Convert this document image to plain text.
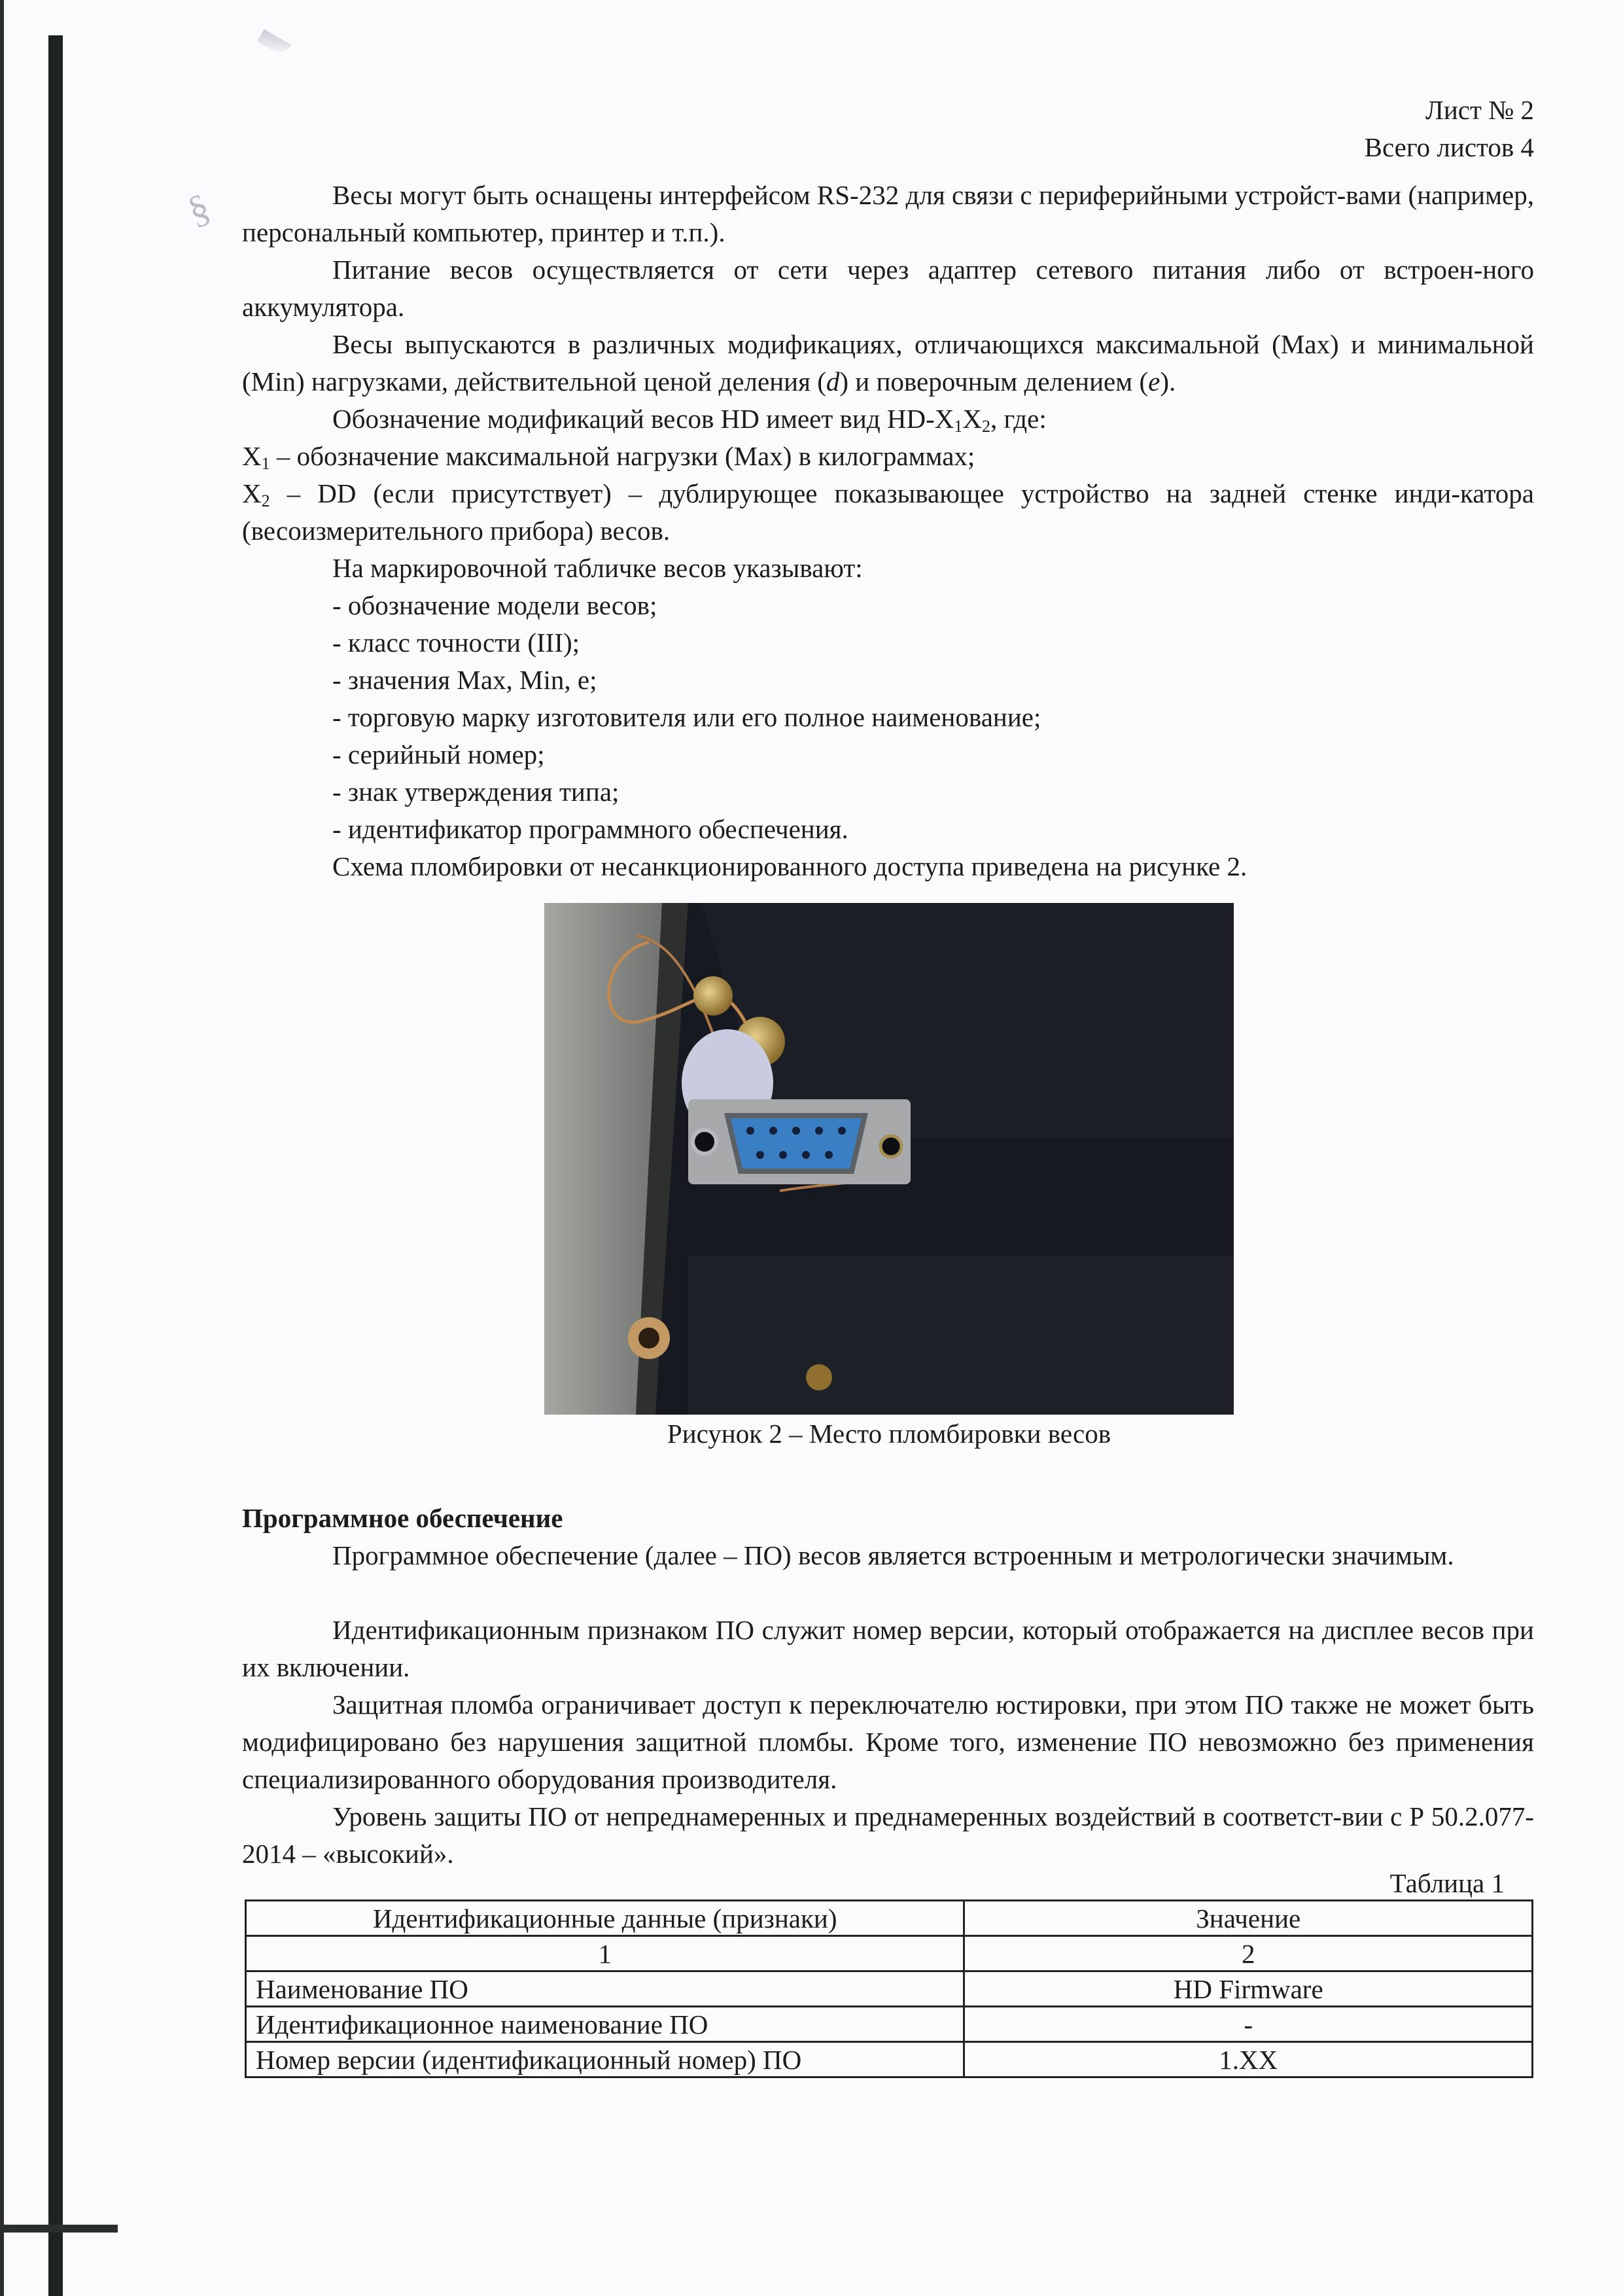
§
Лист № 2
Всего листов 4
Весы могут быть оснащены интерфейсом RS-232 для связи с периферийными устройст-вами (например, персональный компьютер, принтер и т.п.).
Питание весов осуществляется от сети через адаптер сетевого питания либо от встроен-ного аккумулятора.
Весы выпускаются в различных модификациях, отличающихся максимальной (Max) и минимальной (Min) нагрузками, действительной ценой деления (d) и поверочным делением (e).
Обозначение модификаций весов HD имеет вид $HD-X_1X_2$, где:
$X_1$ – обозначение максимальной нагрузки (Max) в килограммах;
$X_2$ – DD (если присутствует) – дублирующее показывающее устройство на задней стенке инди-катора (весоизмерительного прибора) весов.
На маркировочной табличке весов указывают:
- обозначение модели весов;
- класс точности (III);
- значения Max, Min, e;
- торговую марку изготовителя или его полное наименование;
- серийный номер;
- знак утверждения типа;
- идентификатор программного обеспечения.
Схема пломбировки от несанкционированного доступа приведена на рисунке 2.
Рисунок 2 – Место пломбировки весов
Программное обеспечение
Программное обеспечение (далее – ПО) весов является встроенным и метрологически значимым.
Идентификационным признаком ПО служит номер версии, который отображается на дисплее весов при их включении.
Защитная пломба ограничивает доступ к переключателю юстировки, при этом ПО также не может быть модифицировано без нарушения защитной пломбы. Кроме того, изменение ПО невозможно без применения специализированного оборудования производителя.
Уровень защиты ПО от непреднамеренных и преднамеренных воздействий в соответст-вии с Р 50.2.077-2014 – «высокий».
Таблица 1
Идентификационные данные (признаки)	Значение
1	2
Наименование ПО	HD Firmware
Идентификационное наименование ПО	-
Номер версии (идентификационный номер) ПО	1.XX
